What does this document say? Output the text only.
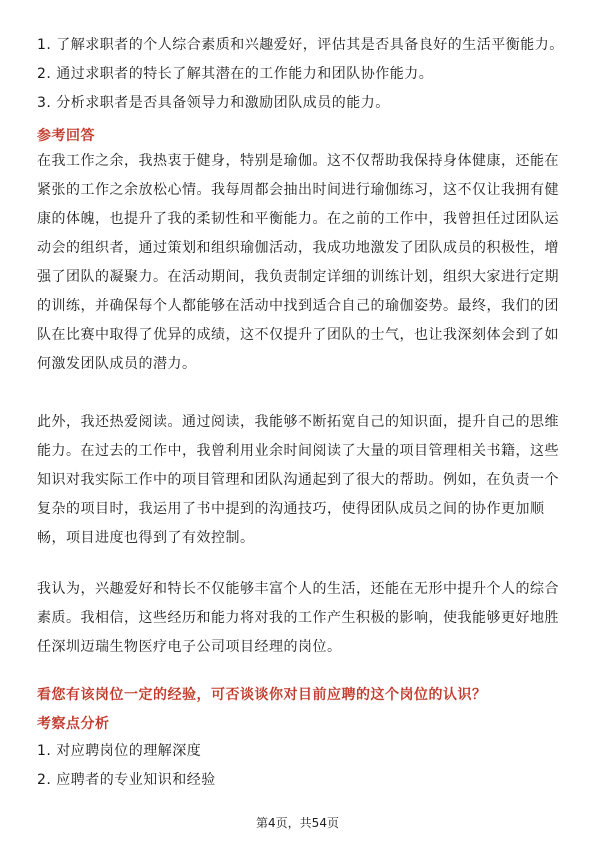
1. 了解求职者的个人综合素质和兴趣爱好，评估其是否具备良好的生活平衡能力。
2. 通过求职者的特长了解其潜在的工作能力和团队协作能力。
3. 分析求职者是否具备领导力和激励团队成员的能力。
参考回答
在我工作之余，我热衷于健身，特别是瑜伽。这不仅帮助我保持身体健康，还能在
紧张的工作之余放松心情。我每周都会抽出时间进行瑜伽练习，这不仅让我拥有健
康的体魄，也提升了我的柔韧性和平衡能力。在之前的工作中，我曾担任过团队运
动会的组织者，通过策划和组织瑜伽活动，我成功地激发了团队成员的积极性，增
强了团队的凝聚力。在活动期间，我负责制定详细的训练计划，组织大家进行定期
的训练，并确保每个人都能够在活动中找到适合自己的瑜伽姿势。最终，我们的团
队在比赛中取得了优异的成绩，这不仅提升了团队的士气，也让我深刻体会到了如
何激发团队成员的潜力。
此外，我还热爱阅读。通过阅读，我能够不断拓宽自己的知识面，提升自己的思维
能力。在过去的工作中，我曾利用业余时间阅读了大量的项目管理相关书籍，这些
知识对我实际工作中的项目管理和团队沟通起到了很大的帮助。例如，在负责一个
复杂的项目时，我运用了书中提到的沟通技巧，使得团队成员之间的协作更加顺
畅，项目进度也得到了有效控制。
我认为，兴趣爱好和特长不仅能够丰富个人的生活，还能在无形中提升个人的综合
素质。我相信，这些经历和能力将对我的工作产生积极的影响，使我能够更好地胜
任深圳迈瑞生物医疗电子公司项目经理的岗位。
看您有该岗位一定的经验，可否谈谈你对目前应聘的这个岗位的认识？
考察点分析
1. 对应聘岗位的理解深度
2. 应聘者的专业知识和经验
第4页，共54页
